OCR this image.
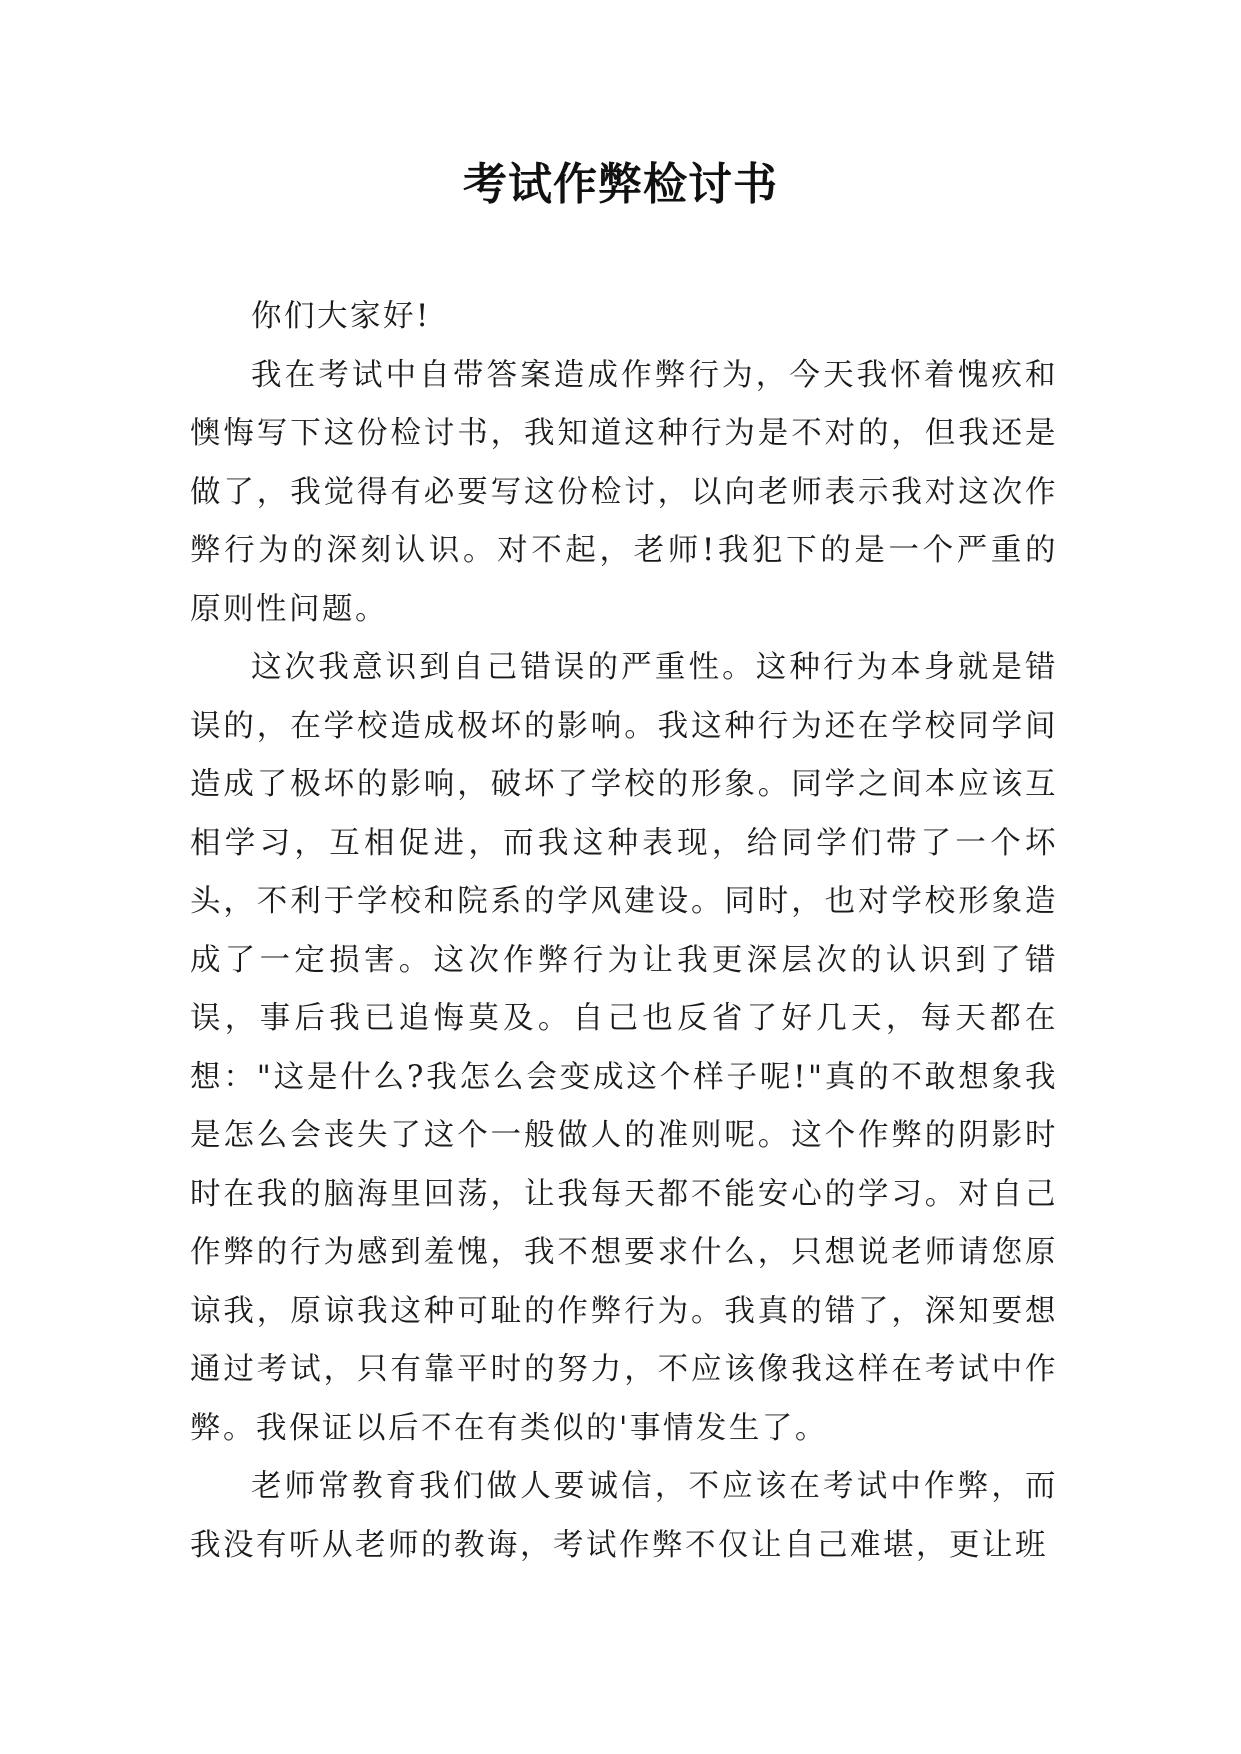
考试作弊检讨书

你们大家好!

我在考试中自带答案造成作弊行为，今天我怀着愧疚和懊悔写下这份检讨书，我知道这种行为是不对的，但我还是做了，我觉得有必要写这份检讨，以向老师表示我对这次作弊行为的深刻认识。对不起，老师!我犯下的是一个严重的原则性问题。

这次我意识到自己错误的严重性。这种行为本身就是错误的，在学校造成极坏的影响。我这种行为还在学校同学间造成了极坏的影响，破坏了学校的形象。同学之间本应该互相学习，互相促进，而我这种表现，给同学们带了一个坏头，不利于学校和院系的学风建设。同时，也对学校形象造成了一定损害。这次作弊行为让我更深层次的认识到了错误，事后我已追悔莫及。自己也反省了好几天，每天都在想："这是什么?我怎么会变成这个样子呢!"真的不敢想象我是怎么会丧失了这个一般做人的准则呢。这个作弊的阴影时时在我的脑海里回荡，让我每天都不能安心的学习。对自己作弊的行为感到羞愧，我不想要求什么，只想说老师请您原谅我，原谅我这种可耻的作弊行为。我真的错了，深知要想通过考试，只有靠平时的努力，不应该像我这样在考试中作弊。我保证以后不在有类似的'事情发生了。

老师常教育我们做人要诚信，不应该在考试中作弊，而我没有听从老师的教诲，考试作弊不仅让自己难堪，更让班
